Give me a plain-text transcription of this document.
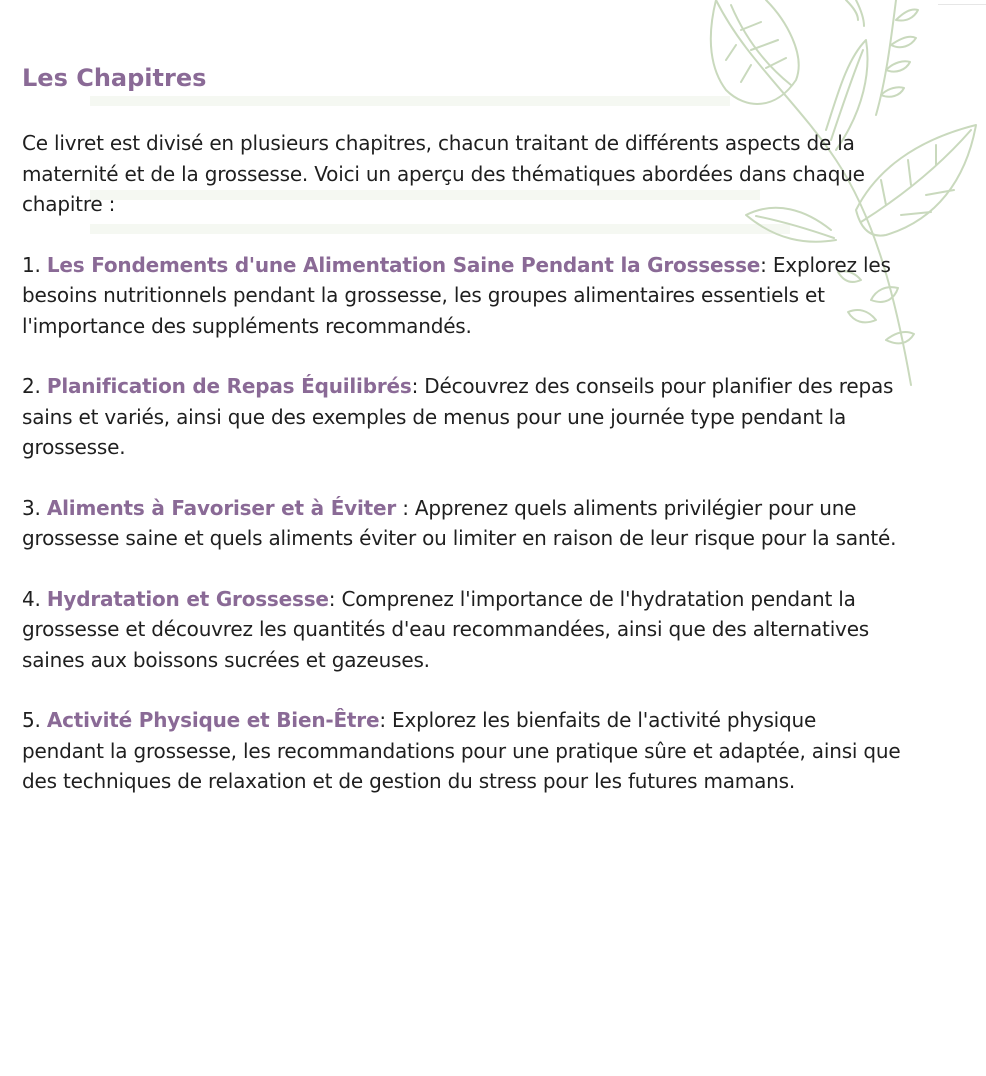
Les Chapitres

Ce livret est divisé en plusieurs chapitres, chacun traitant de différents aspects de la maternité et de la grossesse. Voici un aperçu des thématiques abordées dans chaque chapitre :

1. Les Fondements d'une Alimentation Saine Pendant la Grossesse: Explorez les besoins nutritionnels pendant la grossesse, les groupes alimentaires essentiels et l'importance des suppléments recommandés.

2. Planification de Repas Équilibrés: Découvrez des conseils pour planifier des repas sains et variés, ainsi que des exemples de menus pour une journée type pendant la grossesse.

3. Aliments à Favoriser et à Éviter : Apprenez quels aliments privilégier pour une grossesse saine et quels aliments éviter ou limiter en raison de leur risque pour la santé.

4. Hydratation et Grossesse: Comprenez l'importance de l'hydratation pendant la grossesse et découvrez les quantités d'eau recommandées, ainsi que des alternatives saines aux boissons sucrées et gazeuses.

5. Activité Physique et Bien-Être: Explorez les bienfaits de l'activité physique pendant la grossesse, les recommandations pour une pratique sûre et adaptée, ainsi que des techniques de relaxation et de gestion du stress pour les futures mamans.
